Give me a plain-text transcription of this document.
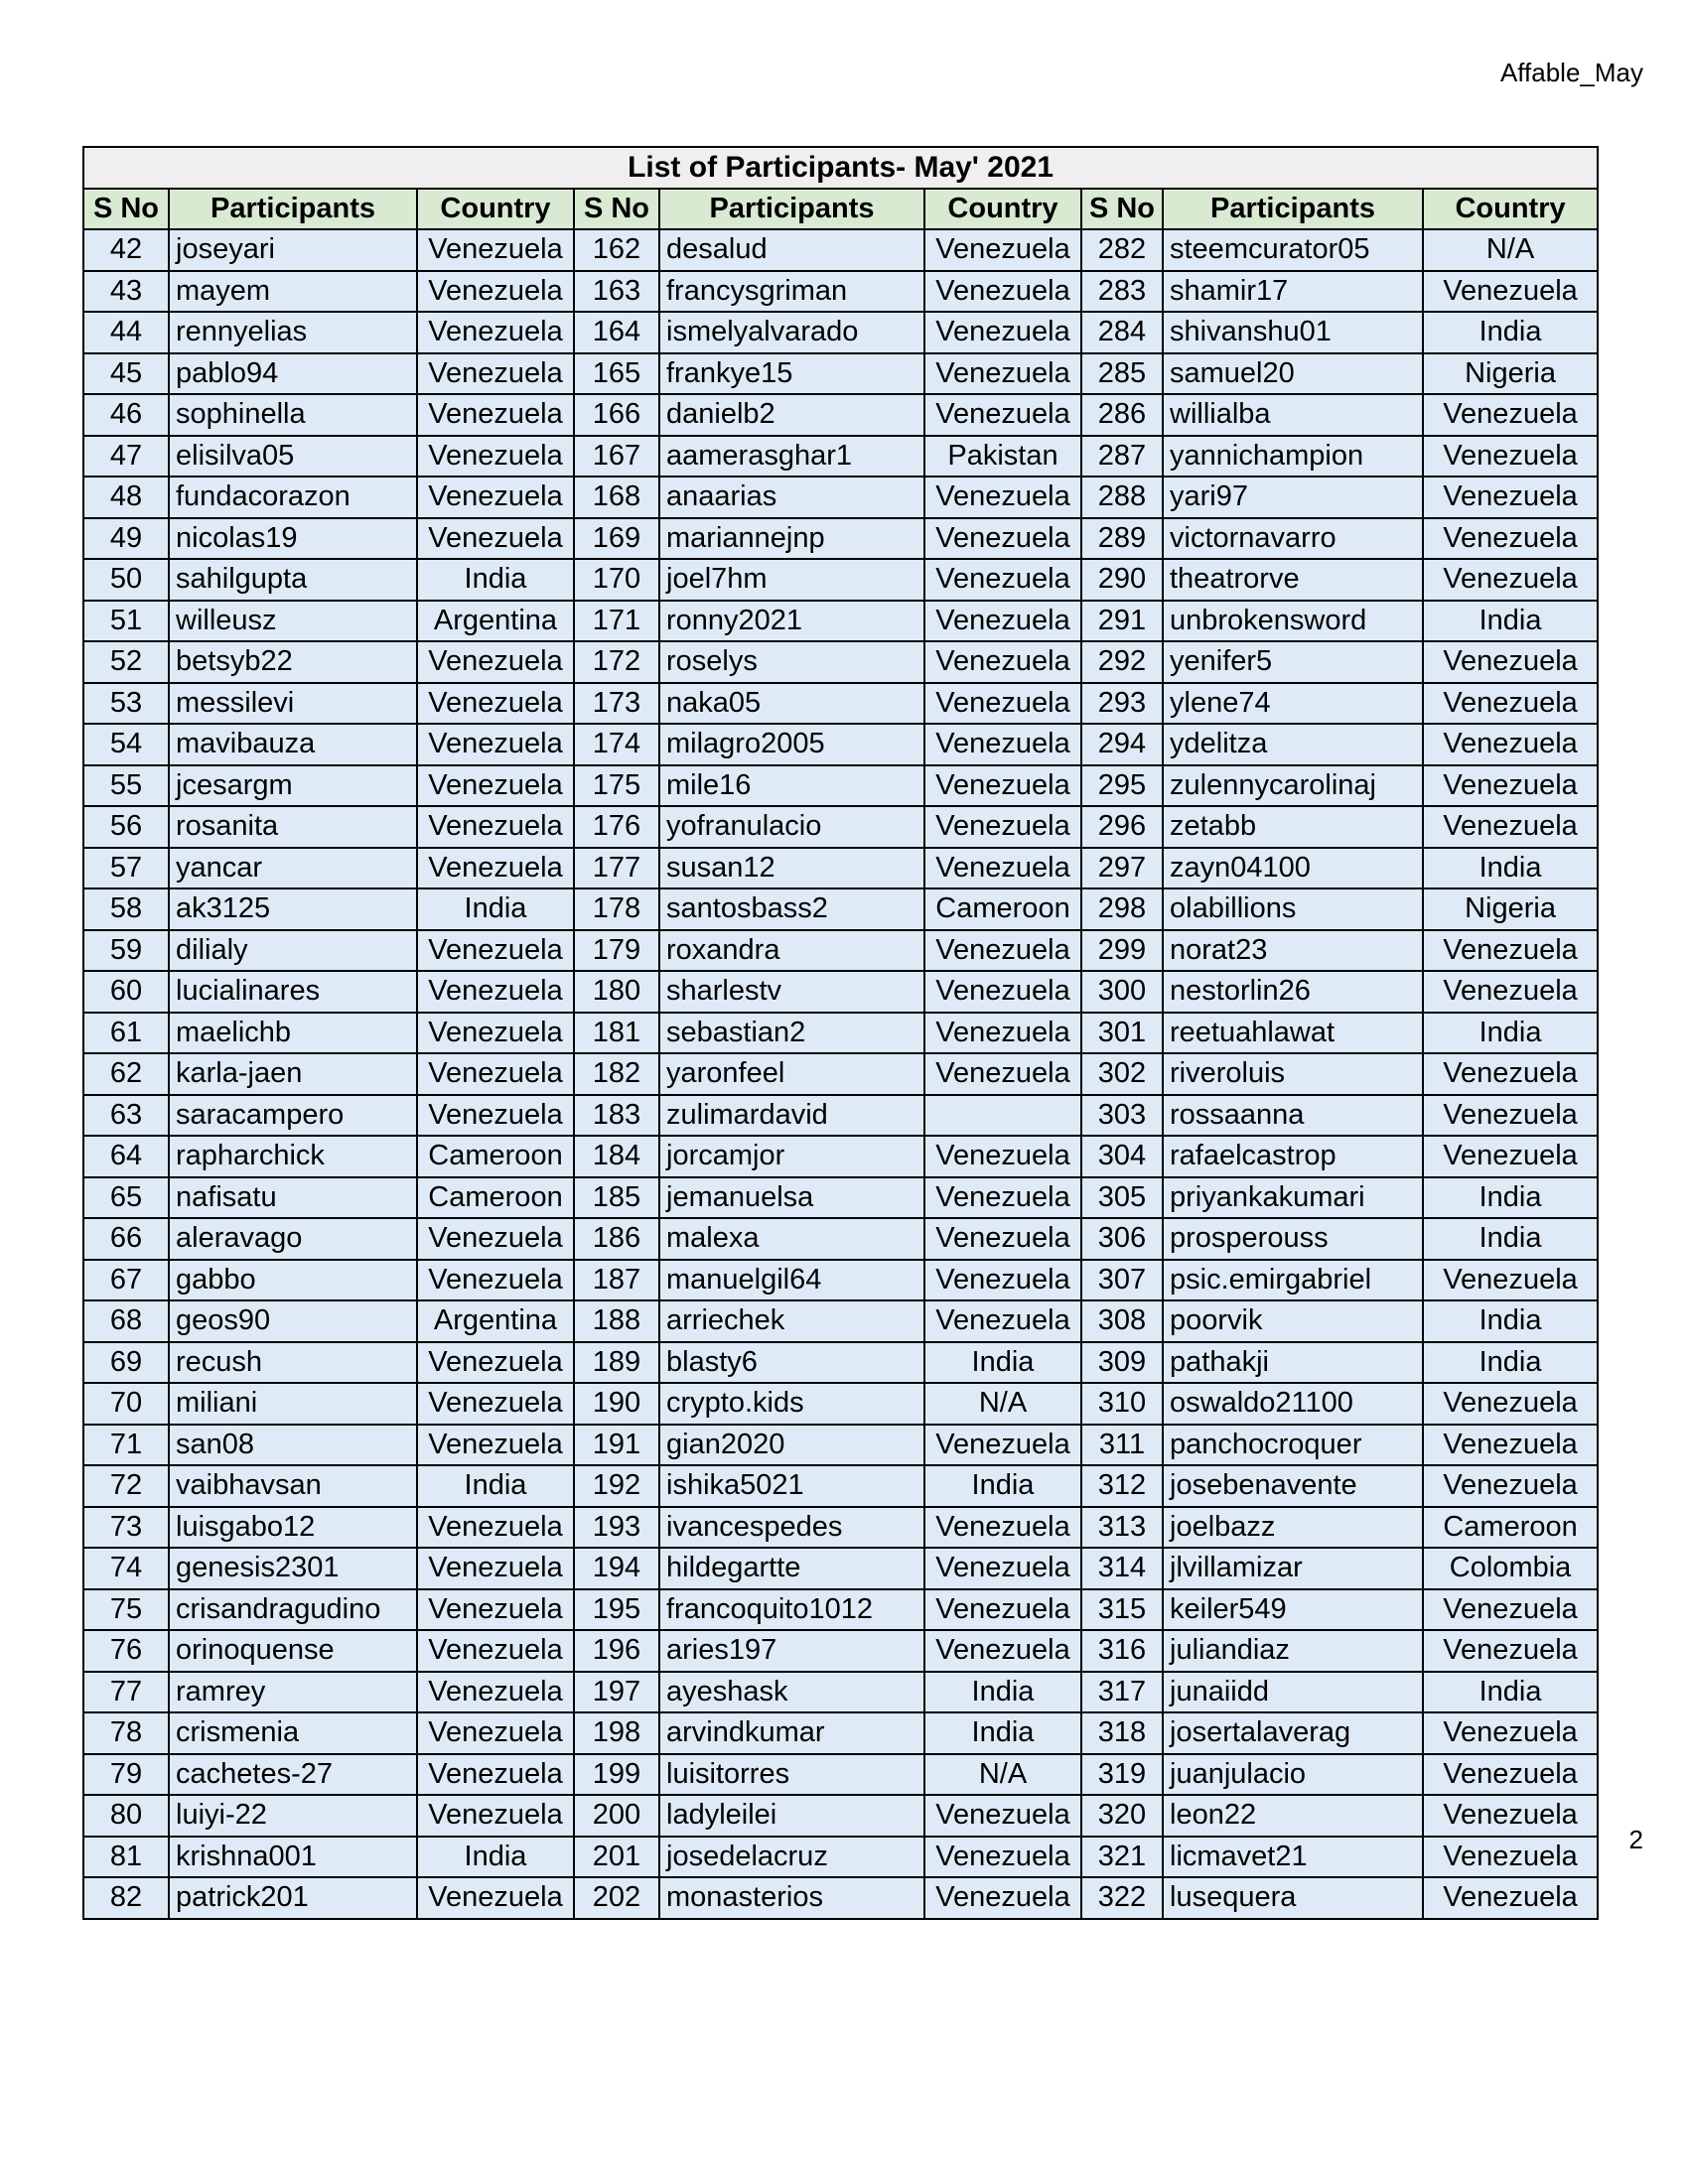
Affable_May
List of Participants- May' 2021								
S No	Participants	Country	S No	Participants	Country	S No	Participants	Country
42	joseyari	Venezuela	162	desalud	Venezuela	282	steemcurator05	N/A
43	mayem	Venezuela	163	francysgriman	Venezuela	283	shamir17	Venezuela
44	rennyelias	Venezuela	164	ismelyalvarado	Venezuela	284	shivanshu01	India
45	pablo94	Venezuela	165	frankye15	Venezuela	285	samuel20	Nigeria
46	sophinella	Venezuela	166	danielb2	Venezuela	286	willialba	Venezuela
47	elisilva05	Venezuela	167	aamerasghar1	Pakistan	287	yannichampion	Venezuela
48	fundacorazon	Venezuela	168	anaarias	Venezuela	288	yari97	Venezuela
49	nicolas19	Venezuela	169	mariannejnp	Venezuela	289	victornavarro	Venezuela
50	sahilgupta	India	170	joel7hm	Venezuela	290	theatrorve	Venezuela
51	willeusz	Argentina	171	ronny2021	Venezuela	291	unbrokensword	India
52	betsyb22	Venezuela	172	roselys	Venezuela	292	yenifer5	Venezuela
53	messilevi	Venezuela	173	naka05	Venezuela	293	ylene74	Venezuela
54	mavibauza	Venezuela	174	milagro2005	Venezuela	294	ydelitza	Venezuela
55	jcesargm	Venezuela	175	mile16	Venezuela	295	zulennycarolinaj	Venezuela
56	rosanita	Venezuela	176	yofranulacio	Venezuela	296	zetabb	Venezuela
57	yancar	Venezuela	177	susan12	Venezuela	297	zayn04100	India
58	ak3125	India	178	santosbass2	Cameroon	298	olabillions	Nigeria
59	dilialy	Venezuela	179	roxandra	Venezuela	299	norat23	Venezuela
60	lucialinares	Venezuela	180	sharlestv	Venezuela	300	nestorlin26	Venezuela
61	maelichb	Venezuela	181	sebastian2	Venezuela	301	reetuahlawat	India
62	karla-jaen	Venezuela	182	yaronfeel	Venezuela	302	riveroluis	Venezuela
63	saracampero	Venezuela	183	zulimardavid		303	rossaanna	Venezuela
64	rapharchick	Cameroon	184	jorcamjor	Venezuela	304	rafaelcastrop	Venezuela
65	nafisatu	Cameroon	185	jemanuelsa	Venezuela	305	priyankakumari	India
66	aleravago	Venezuela	186	malexa	Venezuela	306	prosperouss	India
67	gabbo	Venezuela	187	manuelgil64	Venezuela	307	psic.emirgabriel	Venezuela
68	geos90	Argentina	188	arriechek	Venezuela	308	poorvik	India
69	recush	Venezuela	189	blasty6	India	309	pathakji	India
70	miliani	Venezuela	190	crypto.kids	N/A	310	oswaldo21100	Venezuela
71	san08	Venezuela	191	gian2020	Venezuela	311	panchocroquer	Venezuela
72	vaibhavsan	India	192	ishika5021	India	312	josebenavente	Venezuela
73	luisgabo12	Venezuela	193	ivancespedes	Venezuela	313	joelbazz	Cameroon
74	genesis2301	Venezuela	194	hildegartte	Venezuela	314	jlvillamizar	Colombia
75	crisandragudino	Venezuela	195	francoquito1012	Venezuela	315	keiler549	Venezuela
76	orinoquense	Venezuela	196	aries197	Venezuela	316	juliandiaz	Venezuela
77	ramrey	Venezuela	197	ayeshask	India	317	junaiidd	India
78	crismenia	Venezuela	198	arvindkumar	India	318	josertalaverag	Venezuela
79	cachetes-27	Venezuela	199	luisitorres	N/A	319	juanjulacio	Venezuela
80	luiyi-22	Venezuela	200	ladyleilei	Venezuela	320	leon22	Venezuela
81	krishna001	India	201	josedelacruz	Venezuela	321	licmavet21	Venezuela
82	patrick201	Venezuela	202	monasterios	Venezuela	322	lusequera	Venezuela
2
